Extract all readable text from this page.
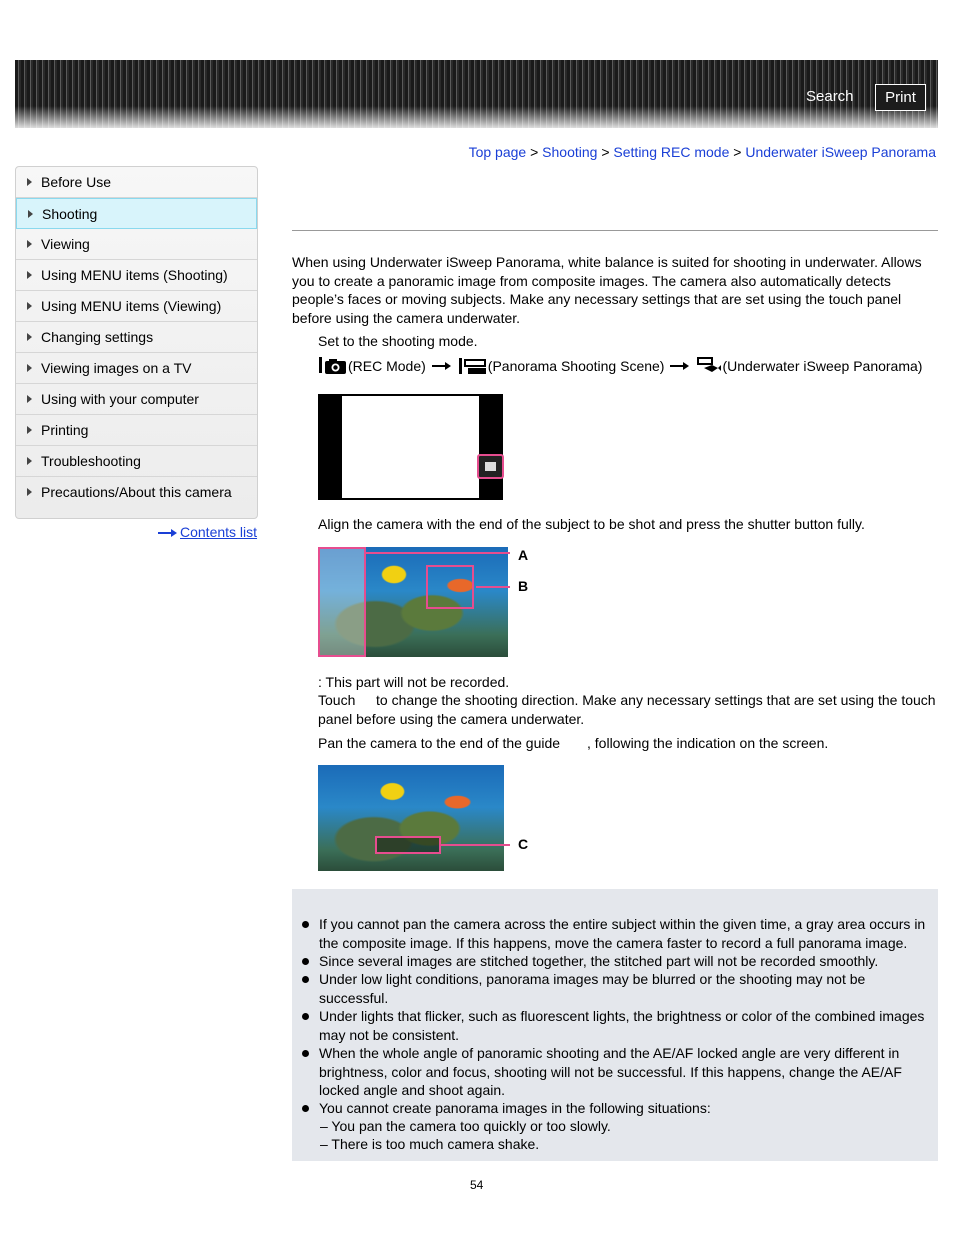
Search	Print
Top page > Shooting > Setting REC mode > Underwater iSweep Panorama
Before Use
Shooting
Viewing
Using MENU items (Shooting)
Using MENU items (Viewing)
Changing settings
Viewing images on a TV
Using with your computer
Printing
Troubleshooting
Precautions/About this camera
Contents list

When using Underwater iSweep Panorama, white balance is suited for shooting in underwater. Allows you to create a panoramic image from composite images. The camera also automatically detects people’s faces or moving subjects. Make any necessary settings that are set using the touch panel before using the camera underwater.

Set to the shooting mode.
(REC Mode)	(Panorama Shooting Scene)	(Underwater iSweep Panorama)
Align the camera with the end of the subject to be shot and press the shutter button fully.
A
B
: This part will not be recorded.
Touch to change the shooting direction. Make any necessary settings that are set using the touch
panel before using the camera underwater.
Pan the camera to the end of the guide , following the indication on the screen.
C
If you cannot pan the camera across the entire subject within the given time, a gray area occurs in the composite image. If this happens, move the camera faster to record a full panorama image.
Since several images are stitched together, the stitched part will not be recorded smoothly.
Under low light conditions, panorama images may be blurred or the shooting may not be successful.
Under lights that flicker, such as fluorescent lights, the brightness or color of the combined images may not be consistent.
When the whole angle of panoramic shooting and the AE/AF locked angle are very different in brightness, color and focus, shooting will not be successful. If this happens, change the AE/AF locked angle and shoot again.
You cannot create panorama images in the following situations:
– You pan the camera too quickly or too slowly.
– There is too much camera shake.
54
